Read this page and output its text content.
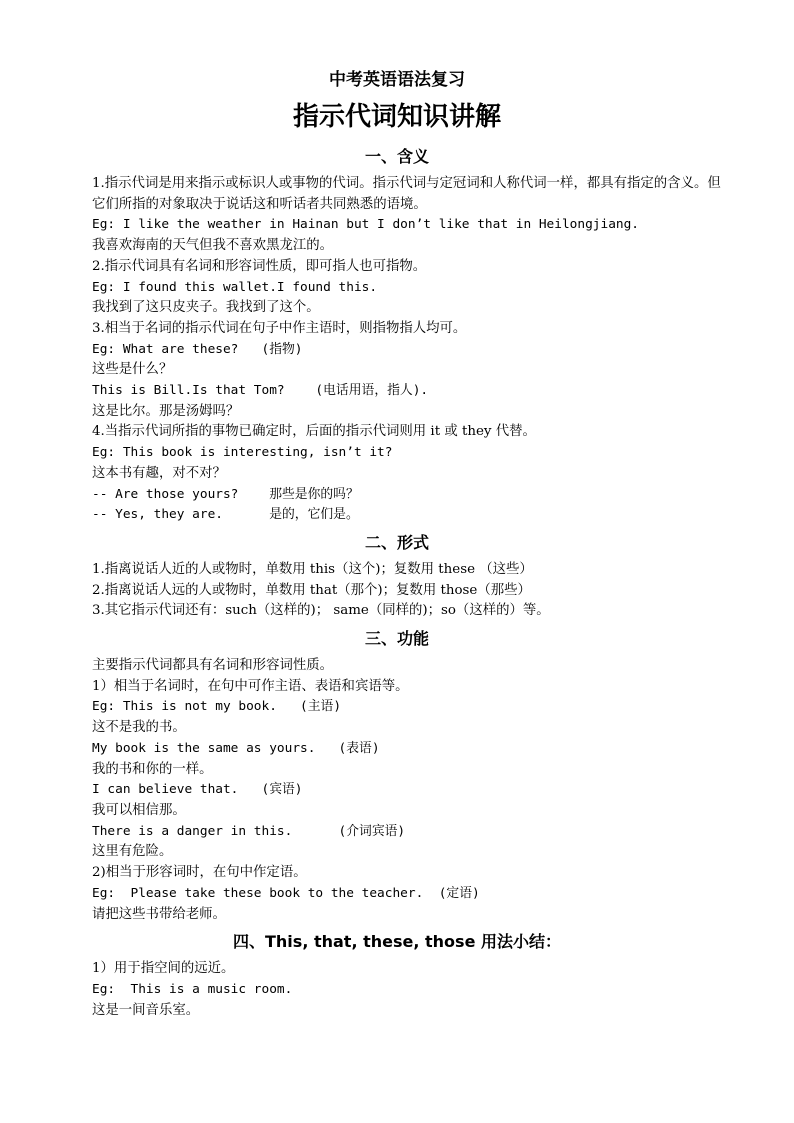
中考英语语法复习
指示代词知识讲解
一、含义
1.指示代词是用来指示或标识人或事物的代词。指示代词与定冠词和人称代词一样，都具有指定的含义。但它们所指的对象取决于说话这和听话者共同熟悉的语境。
Eg: I like the weather in Hainan but I don’t like that in Heilongjiang.
我喜欢海南的天气但我不喜欢黑龙江的。
2.指示代词具有名词和形容词性质，即可指人也可指物。
Eg: I found this wallet.I found this.
我找到了这只皮夹子。我找到了这个。
3.相当于名词的指示代词在句子中作主语时，则指物指人均可。
Eg: What are these?   (指物)
这些是什么？
This is Bill.Is that Tom?    (电话用语，指人).
这是比尔。那是汤姆吗？
4.当指示代词所指的事物已确定时，后面的指示代词则用 it 或 they 代替。
Eg: This book is interesting, isn’t it?
这本书有趣，对不对？
-- Are those yours?    那些是你的吗？
-- Yes, they are.      是的，它们是。
二、形式
1.指离说话人近的人或物时，单数用 this（这个)；复数用 these （这些）
2.指离说话人远的人或物时，单数用 that（那个)；复数用 those（那些）
3.其它指示代词还有：such（这样的)； same（同样的)；so（这样的）等。
三、功能
主要指示代词都具有名词和形容词性质。
1）相当于名词时，在句中可作主语、表语和宾语等。
Eg: This is not my book.   (主语)
这不是我的书。
My book is the same as yours.   (表语)
我的书和你的一样。
I can believe that.   (宾语)
我可以相信那。
There is a danger in this.      (介词宾语)
这里有危险。
2)相当于形容词时，在句中作定语。
Eg:  Please take these book to the teacher.  (定语)
请把这些书带给老师。
四、This, that, these, those 用法小结：
1）用于指空间的远近。
Eg:  This is a music room.
这是一间音乐室。
